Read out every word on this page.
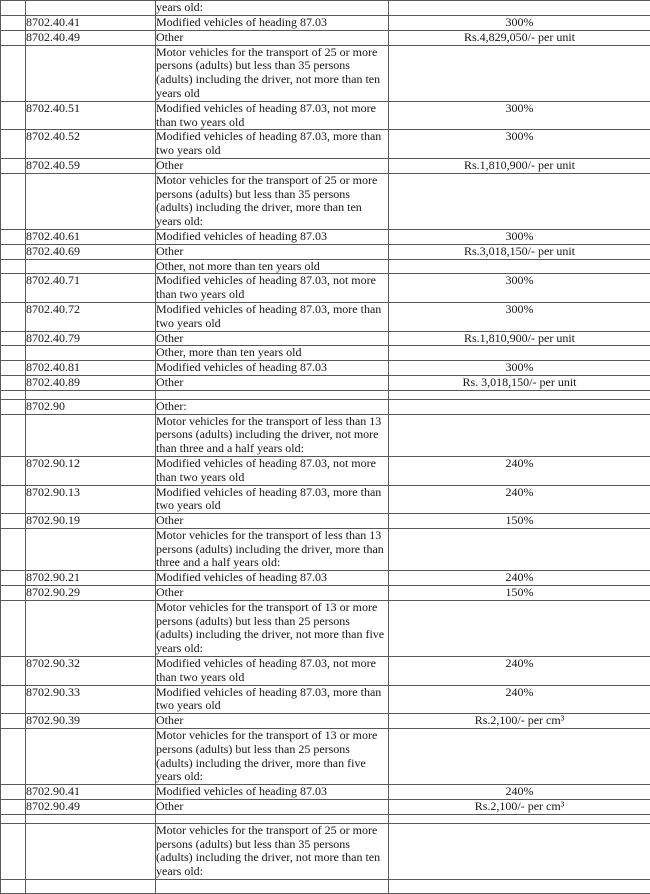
		years old:	
	8702.40.41	Modified vehicles of heading 87.03	300%
	8702.40.49	Other	Rs.4,829,050/- per unit
		Motor vehicles for the transport of 25 or more persons (adults) but less than 35 persons (adults) including the driver, not more than ten years old	
	8702.40.51	Modified vehicles of heading 87.03, not more than two years old	300%
	8702.40.52	Modified vehicles of heading 87.03, more than two years old	300%
	8702.40.59	Other	Rs.1,810,900/- per unit
		Motor vehicles for the transport of 25 or more persons (adults) but less than 35 persons (adults) including the driver, more than ten years old:	
	8702.40.61	Modified vehicles of heading 87.03	300%
	8702.40.69	Other	Rs.3,018,150/- per unit
		Other, not more than ten years old	
	8702.40.71	Modified vehicles of heading 87.03, not more than two years old	300%
	8702.40.72	Modified vehicles of heading 87.03, more than two years old	300%
	8702.40.79	Other	Rs.1,810,900/- per unit
		Other, more than ten years old	
	8702.40.81	Modified vehicles of heading 87.03	300%
	8702.40.89	Other	Rs. 3,018,150/- per unit

	8702.90	Other:	
		Motor vehicles for the transport of less than 13 persons (adults) including the driver, not more than three and a half years old:	
	8702.90.12	Modified vehicles of heading 87.03, not more than two years old	240%
	8702.90.13	Modified vehicles of heading 87.03, more than two years old	240%
	8702.90.19	Other	150%
		Motor vehicles for the transport of less than 13 persons (adults) including the driver, more than three and a half years old:	
	8702.90.21	Modified vehicles of heading 87.03	240%
	8702.90.29	Other	150%
		Motor vehicles for the transport of 13 or more persons (adults) but less than 25 persons (adults) including the driver, not more than five years old:	
	8702.90.32	Modified vehicles of heading 87.03, not more than two years old	240%
	8702.90.33	Modified vehicles of heading 87.03, more than two years old	240%
	8702.90.39	Other	Rs.2,100/- per cm³
		Motor vehicles for the transport of 13 or more persons (adults) but less than 25 persons (adults) including the driver, more than five years old:	
	8702.90.41	Modified vehicles of heading 87.03	240%
	8702.90.49	Other	Rs.2,100/- per cm³

		Motor vehicles for the transport of 25 or more persons (adults) but less than 35 persons (adults) including the driver, not more than ten years old:	
